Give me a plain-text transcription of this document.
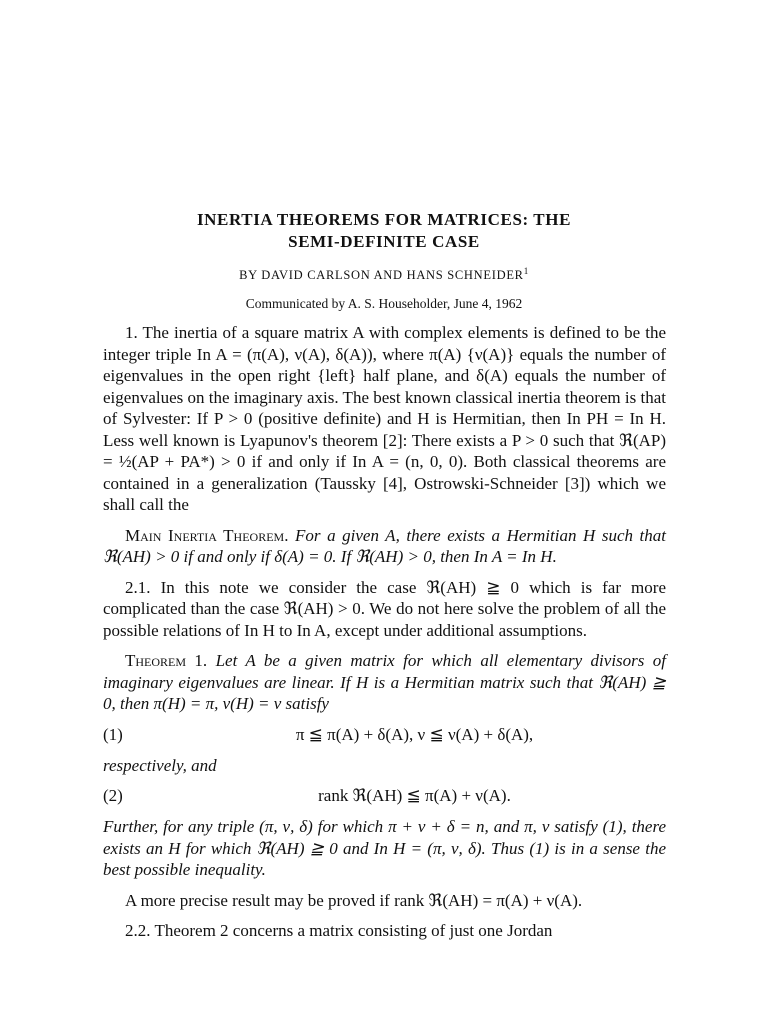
INERTIA THEOREMS FOR MATRICES: THE
SEMI-DEFINITE CASE
BY DAVID CARLSON AND HANS SCHNEIDER$^1$
Communicated by A. S. Householder, June 4, 1962

1. The inertia of a square matrix A with complex elements is defined to be the integer triple In A = (π(A), ν(A), δ(A)), where π(A) {ν(A)} equals the number of eigenvalues in the open right {left} half plane, and δ(A) equals the number of eigenvalues on the imaginary axis. The best known classical inertia theorem is that of Sylvester: If P > 0 (positive definite) and H is Hermitian, then In PH = In H. Less well known is Lyapunov's theorem [2]: There exists a P > 0 such that ℜ(AP) = ½(AP + PA*) > 0 if and only if In A = (n, 0, 0). Both classical theorems are contained in a generalization (Taussky [4], Ostrowski-Schneider [3]) which we shall call the

Main Inertia Theorem. For a given A, there exists a Hermitian H such that ℜ(AH) > 0 if and only if δ(A) = 0. If ℜ(AH) > 0, then In A = In H.

2.1. In this note we consider the case ℜ(AH) ≧ 0 which is far more complicated than the case ℜ(AH) > 0. We do not here solve the problem of all the possible relations of In H to In A, except under additional assumptions.

Theorem 1. Let A be a given matrix for which all elementary divisors of imaginary eigenvalues are linear. If H is a Hermitian matrix such that ℜ(AH) ≧ 0, then π(H) = π, ν(H) = ν satisfy

(1)	π ≦ π(A) + δ(A), ν ≦ ν(A) + δ(A),

respectively, and

(2)	rank ℜ(AH) ≦ π(A) + ν(A).

Further, for any triple (π, ν, δ) for which π + ν + δ = n, and π, ν satisfy (1), there exists an H for which ℜ(AH) ≧ 0 and In H = (π, ν, δ). Thus (1) is in a sense the best possible inequality.

A more precise result may be proved if rank ℜ(AH) = π(A) + ν(A).

2.2. Theorem 2 concerns a matrix consisting of just one Jordan
